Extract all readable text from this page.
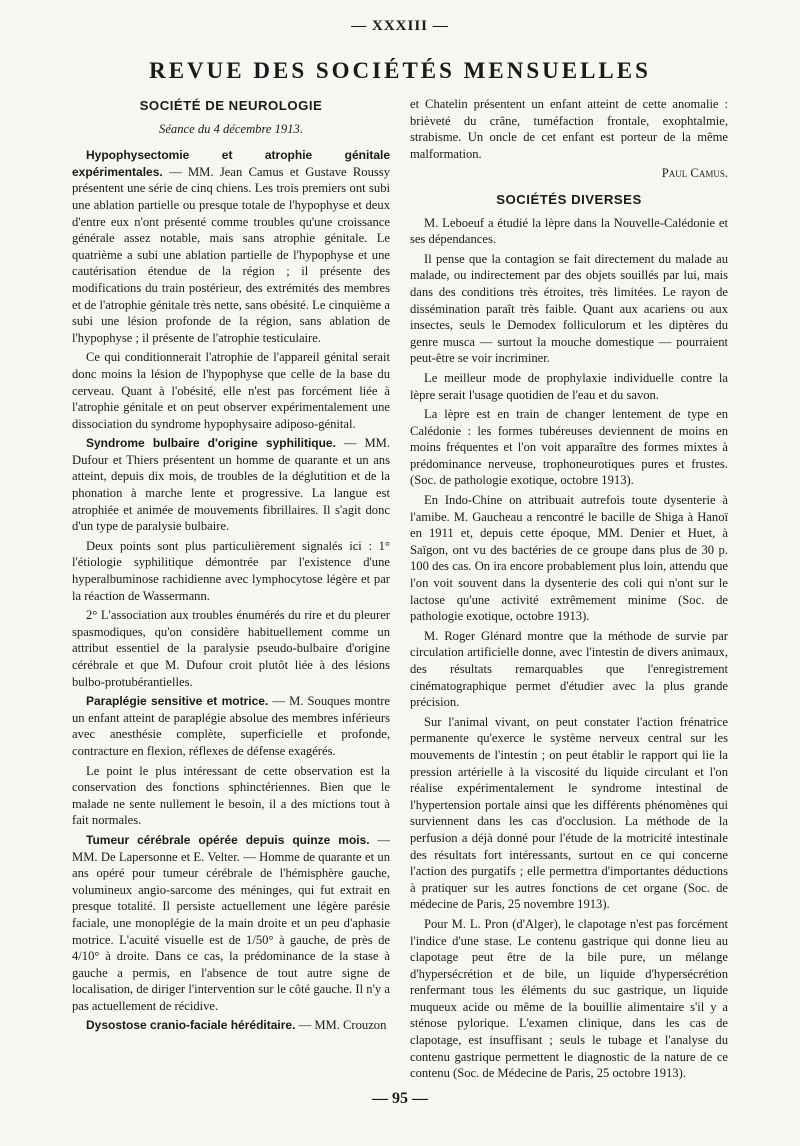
— XXXIII —
REVUE DES SOCIÉTÉS MENSUELLES
SOCIÉTÉ DE NEUROLOGIE
Séance du 4 décembre 1913.

Hypophysectomie et atrophie génitale expérimentales. — MM. Jean Camus et Gustave Roussy présentent une série de cinq chiens. Les trois premiers ont subi une ablation partielle ou presque totale de l'hypophyse et deux d'entre eux n'ont présenté comme troubles qu'une croissance générale assez notable, mais sans atrophie génitale. Le quatrième a subi une ablation partielle de l'hypophyse et une cautérisation étendue de la région ; il présente des modifications du train postérieur, des extrémités des membres et de l'atrophie génitale très nette, sans obésité. Le cinquième a subi une lésion profonde de la région, sans ablation de l'hypophyse ; il présente de l'atrophie testiculaire.

Ce qui conditionnerait l'atrophie de l'appareil génital serait donc moins la lésion de l'hypophyse que celle de la base du cerveau. Quant à l'obésité, elle n'est pas forcément liée à l'atrophie génitale et on peut observer expérimentalement une dissociation du syndrome hypophysaire adiposo-génital.

Syndrome bulbaire d'origine syphilitique. — MM. Dufour et Thiers présentent un homme de quarante et un ans atteint, depuis dix mois, de troubles de la déglutition et de la phonation à marche lente et progressive. La langue est atrophiée et animée de mouvements fibrillaires. Il s'agit donc d'un type de paralysie bulbaire.

Deux points sont plus particulièrement signalés ici : 1° l'étiologie syphilitique démontrée par l'existence d'une hyperalbuminose rachidienne avec lymphocytose légère et par la réaction de Wassermann.

2° L'association aux troubles énumérés du rire et du pleurer spasmodiques, qu'on considère habituellement comme un attribut essentiel de la paralysie pseudo-bulbaire d'origine cérébrale et que M. Dufour croit plutôt liée à des lésions bulbo-protubérantielles.

Paraplégie sensitive et motrice. — M. Souques montre un enfant atteint de paraplégie absolue des membres inférieurs avec anesthésie complète, superficielle et profonde, contracture en flexion, réflexes de défense exagérés.

Le point le plus intéressant de cette observation est la conservation des fonctions sphinctériennes. Bien que le malade ne sente nullement le besoin, il a des mictions tout à fait normales.

Tumeur cérébrale opérée depuis quinze mois. — MM. De Lapersonne et E. Velter. — Homme de quarante et un ans opéré pour tumeur cérébrale de l'hémisphère gauche, volumineux angio-sarcome des méninges, qui fut extrait en presque totalité. Il persiste actuellement une légère parésie faciale, une monoplégie de la main droite et un peu d'aphasie motrice. L'acuité visuelle est de 1/50° à gauche, de près de 4/10° à droite. Dans ce cas, la prédominance de la stase à gauche a permis, en l'absence de tout autre signe de localisation, de diriger l'intervention sur le côté gauche. Il n'y a pas actuellement de récidive.

Dysostose cranio-faciale héréditaire. — MM. Crouzon

et Chatelin présentent un enfant atteint de cette anomalie : brièveté du crâne, tuméfaction frontale, exophtalmie, strabisme. Un oncle de cet enfant est porteur de la même malformation.

Paul Camus.
SOCIÉTÉS DIVERSES

M. Leboeuf a étudié la lèpre dans la Nouvelle-Calédonie et ses dépendances.

Il pense que la contagion se fait directement du malade au malade, ou indirectement par des objets souillés par lui, mais dans des conditions très étroites, très limitées. Le rayon de dissémination paraît très faible. Quant aux acariens ou aux insectes, seuls le Demodex folliculorum et les diptères du genre musca — surtout la mouche domestique — pourraient peut-être se voir incriminer.

Le meilleur mode de prophylaxie individuelle contre la lèpre serait l'usage quotidien de l'eau et du savon.

La lèpre est en train de changer lentement de type en Calédonie : les formes tubéreuses deviennent de moins en moins fréquentes et l'on voit apparaître des formes mixtes à prédominance nerveuse, trophoneurotiques pures et frustes. (Soc. de pathologie exotique, octobre 1913).

En Indo-Chine on attribuait autrefois toute dysenterie à l'amibe. M. Gaucheau a rencontré le bacille de Shiga à Hanoï en 1911 et, depuis cette époque, MM. Denier et Huet, à Saïgon, ont vu des bactéries de ce groupe dans plus de 30 p. 100 des cas. On ira encore probablement plus loin, attendu que l'on voit souvent dans la dysenterie des coli qui n'ont sur le lactose qu'une activité extrêmement minime (Soc. de pathologie exotique, octobre 1913).

M. Roger Glénard montre que la méthode de survie par circulation artificielle donne, avec l'intestin de divers animaux, des résultats remarquables que l'enregistrement cinématographique permet d'étudier avec la plus grande précision.

Sur l'animal vivant, on peut constater l'action frénatrice permanente qu'exerce le système nerveux central sur les mouvements de l'intestin ; on peut établir le rapport qui lie la pression artérielle à la viscosité du liquide circulant et l'on réalise expérimentalement le syndrome intestinal de l'hypertension portale ainsi que les différents phénomènes qui surviennent dans les cas d'occlusion. La méthode de la perfusion a déjà donné pour l'étude de la motricité intestinale des résultats fort intéressants, surtout en ce qui concerne l'action des purgatifs ; elle permettra d'importantes déductions à pratiquer sur les autres fonctions de cet organe (Soc. de médecine de Paris, 25 novembre 1913).

Pour M. L. Pron (d'Alger), le clapotage n'est pas forcément l'indice d'une stase. Le contenu gastrique qui donne lieu au clapotage peut être de la bile pure, un mélange d'hypersécrétion et de bile, un liquide d'hypersécrétion renfermant tous les éléments du suc gastrique, un liquide muqueux acide ou même de la bouillie alimentaire s'il y a sténose pylorique. L'examen clinique, dans les cas de clapotage, est insuffisant ; seuls le tubage et l'analyse du contenu gastrique permettent le diagnostic de la nature de ce contenu (Soc. de Médecine de Paris, 25 octobre 1913).

— 95 —
